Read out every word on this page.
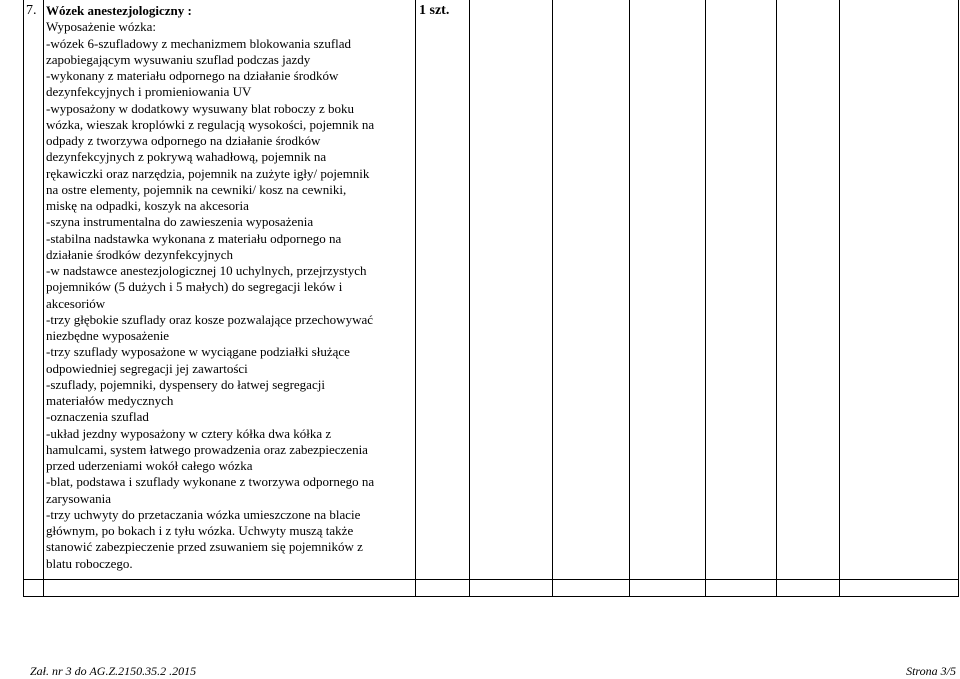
7. Wózek anestezjologiczny :
Wyposażenie wózka:
-wózek 6-szufladowy z mechanizmem blokowania szuflad
zapobiegającym wysuwaniu szuflad podczas jazdy
-wykonany z materiału odpornego na działanie środków
dezynfekcyjnych i promieniowania UV
-wyposażony w dodatkowy wysuwany blat roboczy z boku
wózka, wieszak kroplówki z regulacją wysokości, pojemnik na
odpady z tworzywa odpornego na działanie środków
dezynfekcyjnych z pokrywą wahadłową, pojemnik na
rękawiczki oraz narzędzia, pojemnik na zużyte igły/ pojemnik
na ostre elementy, pojemnik na cewniki/ kosz na cewniki,
miskę na odpadki, koszyk na akcesoria
-szyna instrumentalna do zawieszenia wyposażenia
-stabilna nadstawka wykonana z materiału odpornego na
działanie środków dezynfekcyjnych
-w nadstawce anestezjologicznej 10 uchylnych, przejrzystych
pojemników (5 dużych i 5 małych) do segregacji leków i
akcesoriów
-trzy głębokie szuflady oraz kosze pozwalające przechowywać
niezbędne wyposażenie
-trzy szuflady wyposażone w wyciągane podziałki służące
odpowiedniej segregacji jej zawartości
-szuflady, pojemniki, dyspensery do łatwej segregacji
materiałów medycznych
-oznaczenia szuflad
-układ jezdny wyposażony w cztery kółka dwa kółka z
hamulcami, system łatwego prowadzenia oraz zabezpieczenia
przed uderzeniami wokół całego wózka
-blat, podstawa i szuflady wykonane z tworzywa odpornego na
zarysowania
-trzy uchwyty do przetaczania wózka umieszczone na blacie
głównym, po bokach i z tyłu wózka. Uchwyty muszą także
stanowić zabezpieczenie przed zsuwaniem się pojemników z
blatu roboczego.
1 szt.
Zał. nr 3 do AG.Z.2150.35.2 .2015	Strona 3/5
